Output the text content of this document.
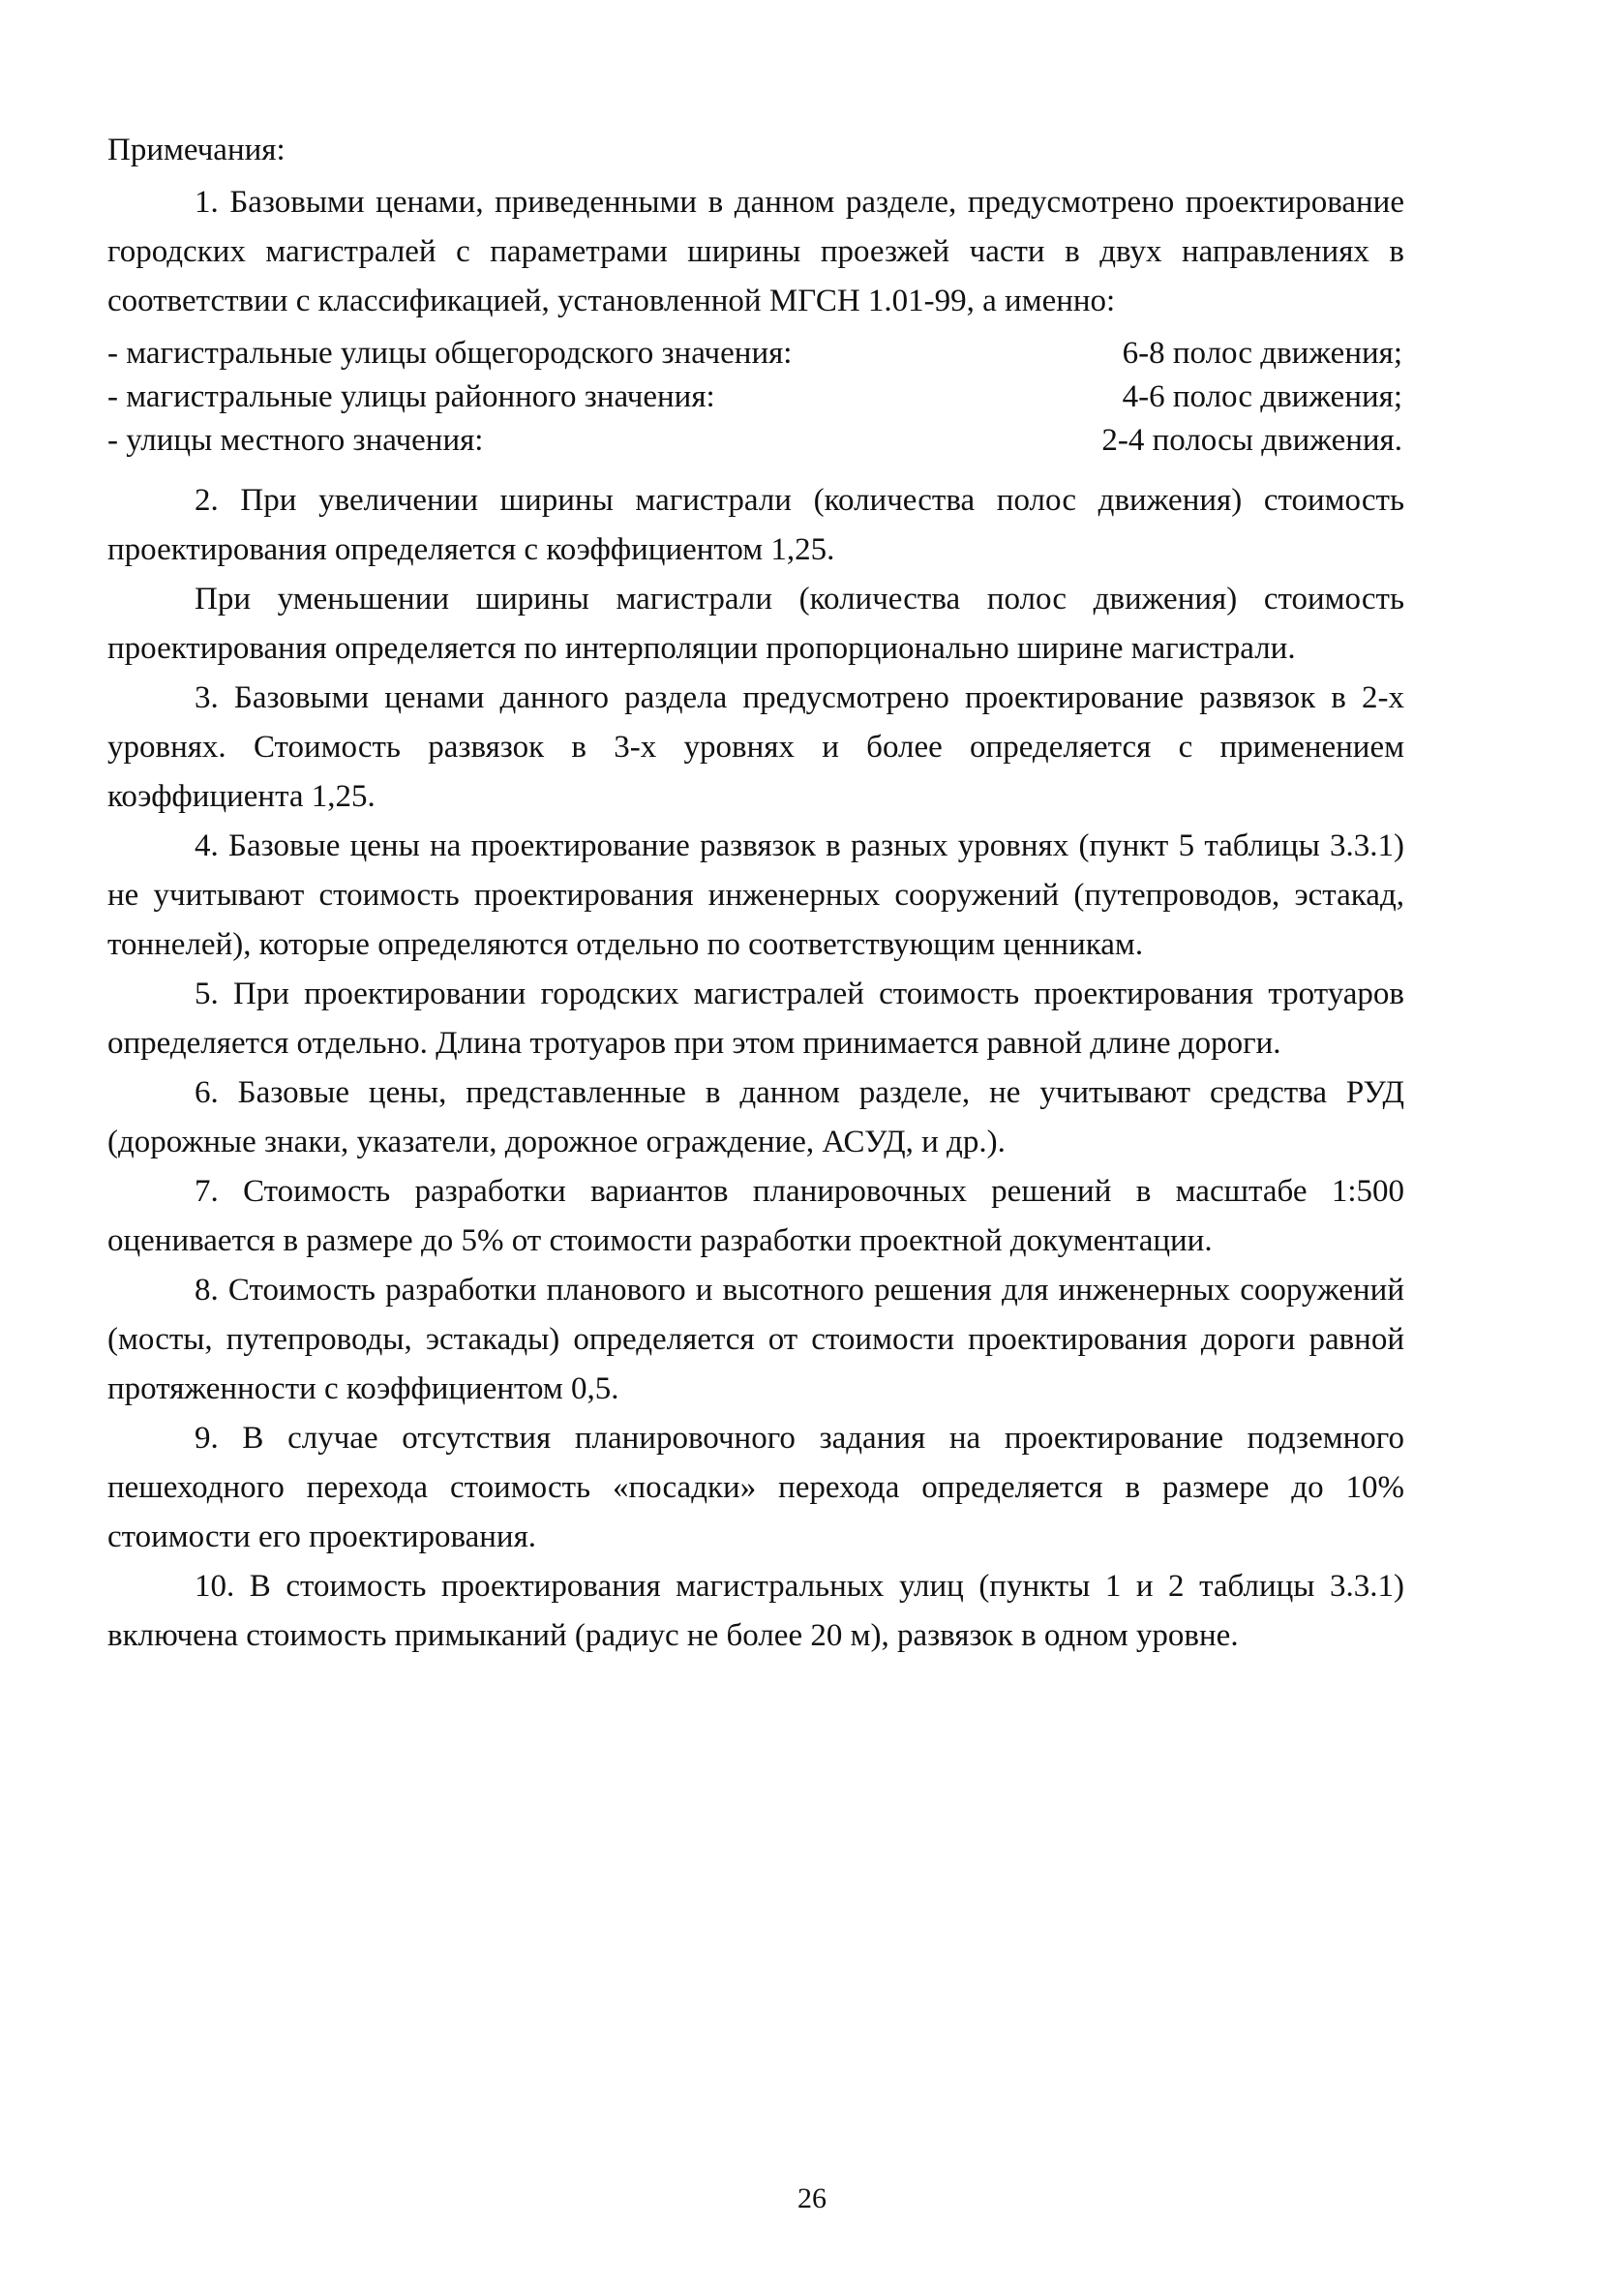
Примечания:

1. Базовыми ценами, приведенными в данном разделе, предусмотрено проектирование городских магистралей с параметрами ширины проезжей части в двух направлениях в соответствии с классификацией, установленной МГСН 1.01-99, а именно:

- магистральные улицы общегородского значения:	6-8 полос движения;
- магистральные улицы районного значения:	4-6 полос движения;
- улицы местного значения:	2-4 полосы движения.

2. При увеличении ширины магистрали (количества полос движения) стоимость проектирования определяется с коэффициентом 1,25.

При уменьшении ширины магистрали (количества полос движения) стоимость проектирования определяется по интерполяции пропорционально ширине магистрали.

3. Базовыми ценами данного раздела предусмотрено проектирование развязок в 2-х уровнях. Стоимость развязок в 3-х уровнях и более определяется с применением коэффициента 1,25.

4. Базовые цены на проектирование развязок в разных уровнях (пункт 5 таблицы 3.3.1) не учитывают стоимость проектирования инженерных сооружений (путепроводов, эстакад, тоннелей), которые определяются отдельно по соответствующим ценникам.

5. При проектировании городских магистралей стоимость проектирования тротуаров определяется отдельно. Длина тротуаров при этом принимается равной длине дороги.

6. Базовые цены, представленные в данном разделе, не учитывают средства РУД (дорожные знаки, указатели, дорожное ограждение, АСУД, и др.).

7. Стоимость разработки вариантов планировочных решений в масштабе 1:500 оценивается в размере до 5% от стоимости разработки проектной документации.

8. Стоимость разработки планового и высотного решения для инженерных сооружений (мосты, путепроводы, эстакады) определяется от стоимости проектирования дороги равной протяженности с коэффициентом 0,5.

9. В случае отсутствия планировочного задания на проектирование подземного пешеходного перехода стоимость «посадки» перехода определяется в размере до 10% стоимости его проектирования.

10. В стоимость проектирования магистральных улиц (пункты 1 и 2 таблицы 3.3.1) включена стоимость примыканий (радиус не более 20 м), развязок в одном уровне.

26
